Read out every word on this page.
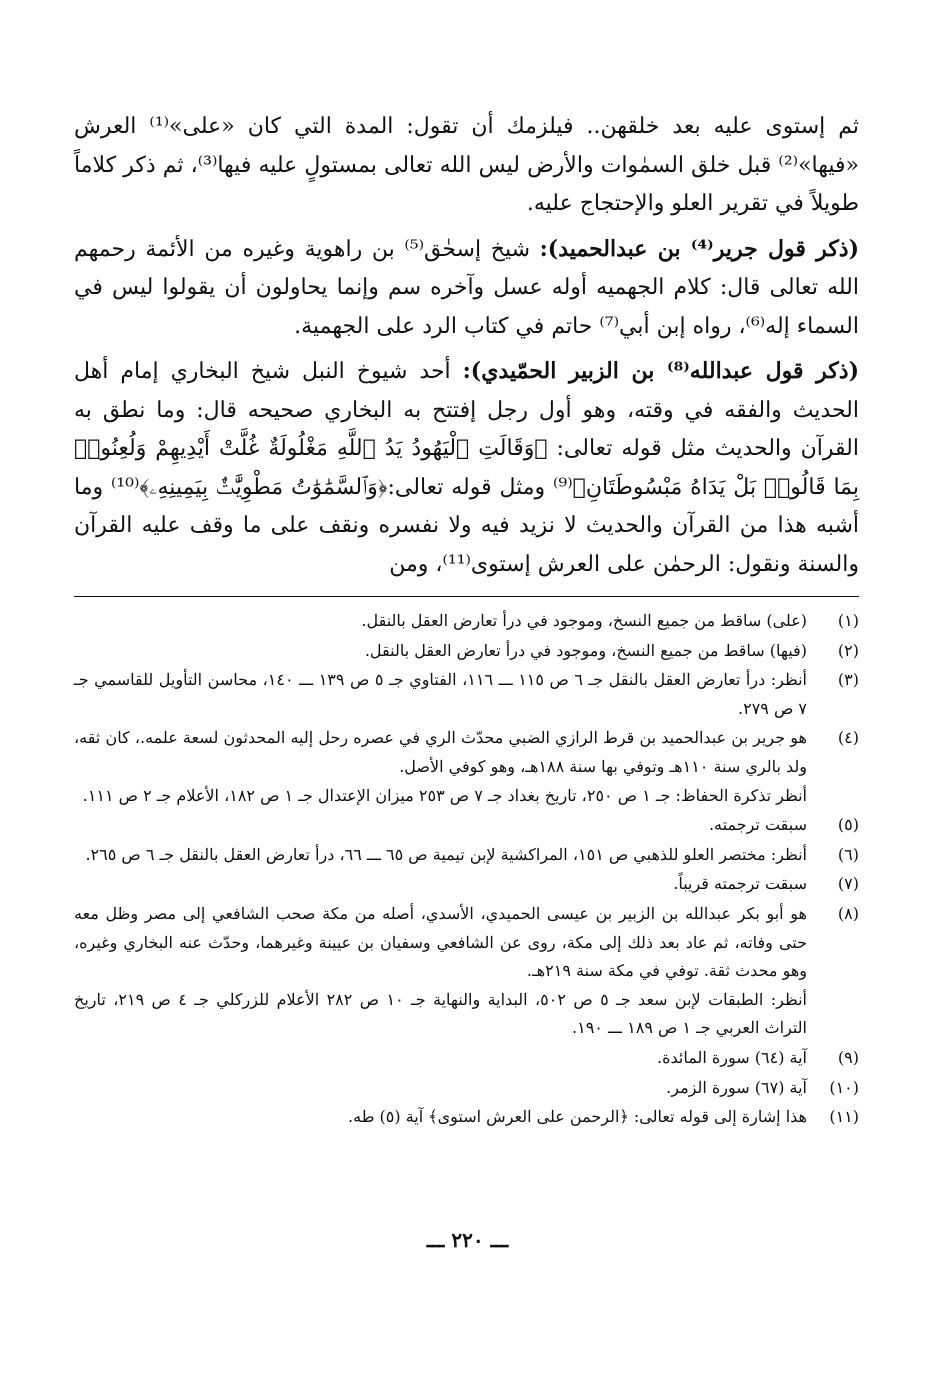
ثم إستوى عليه بعد خلقهن.. فيلزمك أن تقول: المدة التي كان «على»⁽¹⁾ العرش «فيها»⁽²⁾ قبل خلق السمٰوات والأرض ليس الله تعالى بمستولٍ عليه فيها⁽³⁾، ثم ذكر كلاماً طويلاً في تقرير العلو والإحتجاج عليه.

(ذكر قول جرير⁽⁴⁾ بن عبدالحميد): شيخ إسحٰق⁽⁵⁾ بن راهوية وغيره من الأئمة رحمهم الله تعالى قال: كلام الجهميه أوله عسل وآخره سم وإنما يحاولون أن يقولوا ليس في السماء إله⁽⁶⁾، رواه إبن أبي⁽⁷⁾ حاتم في كتاب الرد على الجهمية.

(ذكر قول عبدالله⁽⁸⁾ بن الزبير الحمّيدي): أحد شيوخ النبل شيخ البخاري إمام أهل الحديث والفقه في وقته، وهو أول رجل إفتتح به البخاري صحيحه قال: وما نطق به القرآن والحديث مثل قوله تعالى: ﴿وَقَالَتِ ٱلْيَهُودُ يَدُ ٱللَّهِ مَغْلُولَةٌ غُلَّتْ أَيْدِيهِمْ وَلُعِنُوا۟ بِمَا قَالُوا۟ بَلْ يَدَاهُ مَبْسُوطَتَانِ﴾⁽⁹⁾ ومثل قوله تعالى:﴿وَٱلسَّمَٰوَٰتُ مَطْوِيَّٰتٌۢ بِيَمِينِهِۦ﴾⁽¹⁰⁾ وما أشبه هذا من القرآن والحديث لا نزيد فيه ولا نفسره ونقف على ما وقف عليه القرآن والسنة ونقول: الرحمٰن على العرش إستوى⁽¹¹⁾، ومن

(١)
(على) ساقط من جميع النسخ، وموجود في درأ تعارض العقل بالنقل.
(٢)
(فيها) ساقط من جميع النسخ، وموجود في درأ تعارض العقل بالنقل.
(٣)
أنظر: درأ تعارض العقل بالنقل جـ ٦ ص ١١٥ ـــ ١١٦، الفتاوي جـ ٥ ص ١٣٩ ـــ ١٤٠، محاسن التأويل للقاسمي جـ ٧ ص ٢٧٩.
(٤)
هو جرير بن عبدالحميد بن قرط الرازي الضبي محدّث الري في عصره رحل إليه المحدثون لسعة علمه.، كان ثقه، ولد بالري سنة ١١٠هـ وتوفي بها سنة ١٨٨هـ، وهو كوفي الأصل.
أنظر تذكرة الحفاظ: جـ ١ ص ٢٥٠، تاريخ بغداد جـ ٧ ص ٢٥٣ ميزان الإعتدال جـ ١ ص ١٨٢، الأعلام جـ ٢ ص ١١١.
(٥)
سبقت ترجمته.
(٦)
أنظر: مختصر العلو للذهبي ص ١٥١، المراكشية لإبن تيمية ص ٦٥ ـــ ٦٦، درأ تعارض العقل بالنقل جـ ٦ ص ٢٦٥.
(٧)
سبقت ترجمته قريباً.
(٨)
هو أبو بكر عبدالله بن الزبير بن عيسى الحميدي، الأسدي، أصله من مكة صحب الشافعي إلى مصر وظل معه حتى وفاته، ثم عاد بعد ذلك إلى مكة، روى عن الشافعي وسفيان بن عيينة وغيرهما، وحدّث عنه البخاري وغيره، وهو محدث ثقة. توفي في مكة سنة ٢١٩هـ.
أنظر: الطبقات لإبن سعد جـ ٥ ص ٥٠٢، البداية والنهاية جـ ١٠ ص ٢٨٢ الأعلام للزركلي جـ ٤ ص ٢١٩، تاريخ التراث العربي جـ ١ ص ١٨٩ ـــ ١٩٠.
(٩)
آية (٦٤) سورة المائدة.
(١٠)
آية (٦٧) سورة الزمر.
(١١)
هذا إشارة إلى قوله تعالى: ﴿الرحمن على العرش استوى﴾ آية (٥) طه.
ـــ ٢٢٠ ـــ
